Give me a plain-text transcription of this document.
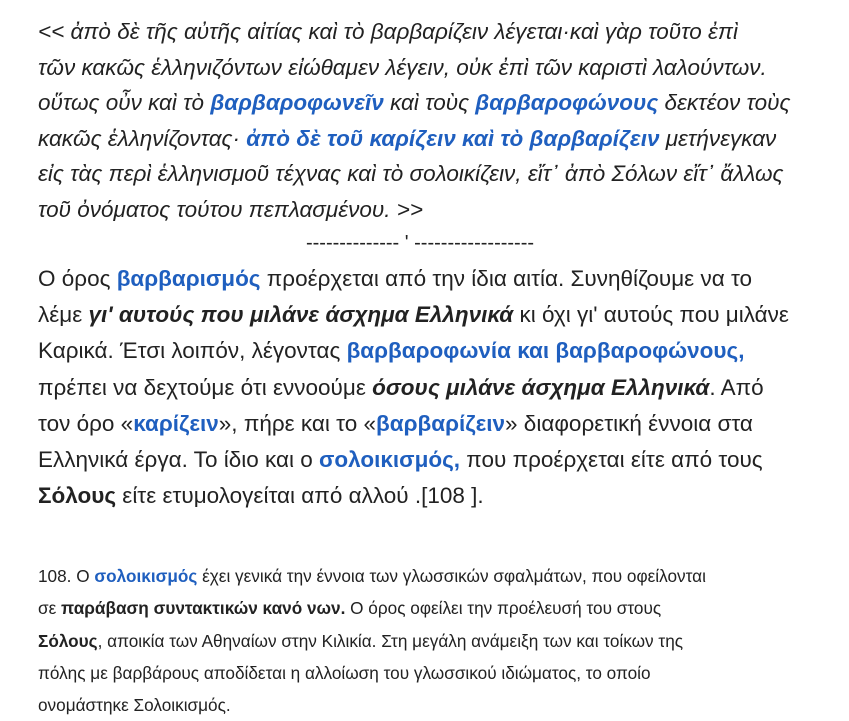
<< ἀπὸ δὲ τῆς αὐτῆς αἰτίας καὶ τὸ βαρβαρίζειν λέγεται·καὶ γὰρ τοῦτο ἐπὶ
τῶν κακῶς ἑλληνιζόντων εἰώθαμεν λέγειν, οὐκ ἐπὶ τῶν καριστὶ λαλούντων.
οὕτως οὖν καὶ τὸ βαρβαροφωνεῖν καὶ τοὺς βαρβαροφώνους δεκτέον τοὺς
κακῶς ἑλληνίζοντας· ἀπὸ δὲ τοῦ καρίζειν καὶ τὸ βαρβαρίζειν μετήνεγκαν
εἰς τὰς περὶ ἑλληνισμοῦ τέχνας καὶ τὸ σολοικίζειν, εἴτ᾽ ἀπὸ Σόλων εἴτ᾽ ἄλλως
τοῦ ὀνόματος τούτου πεπλασμένου. >>
-------------- ' ------------------
Ο όρος βαρβαρισμός προέρχεται από την ίδια αιτία. Συνηθίζουμε να το
λέμε γι' αυτούς που μιλάνε άσχημα Ελληνικά κι όχι γι' αυτούς που μιλάνε
Καρικά. Έτσι λοιπόν, λέγοντας βαρβαροφωνία και βαρβαροφώνους,
πρέπει να δεχτούμε ότι εννοούμε όσους μιλάνε άσχημα Ελληνικά. Από
τον όρο «καρίζειν», πήρε και το «βαρβαρίζειν» διαφορετική έννοια στα
Ελληνικά έργα. Το ίδιο και ο σολοικισμός, που προέρχεται είτε από τους
Σόλους είτε ετυμολογείται από αλλού .[108 ].
108. Ο σολοικισμός έχει γενικά την έννοια των γλωσσικών σφαλμάτων, που οφείλονται
σε παράβαση συντακτικών κανό νων. Ο όρος οφείλει την προέλευσή του στους
Σόλους, αποικία των Αθηναίων στην Κιλικία. Στη μεγάλη ανάμειξη των και τοίκων της
πόλης με βαρβάρους αποδίδεται η αλλοίωση του γλωσσικού ιδιώματος, το οποίο
ονομάστηκε Σολοικισμός.
